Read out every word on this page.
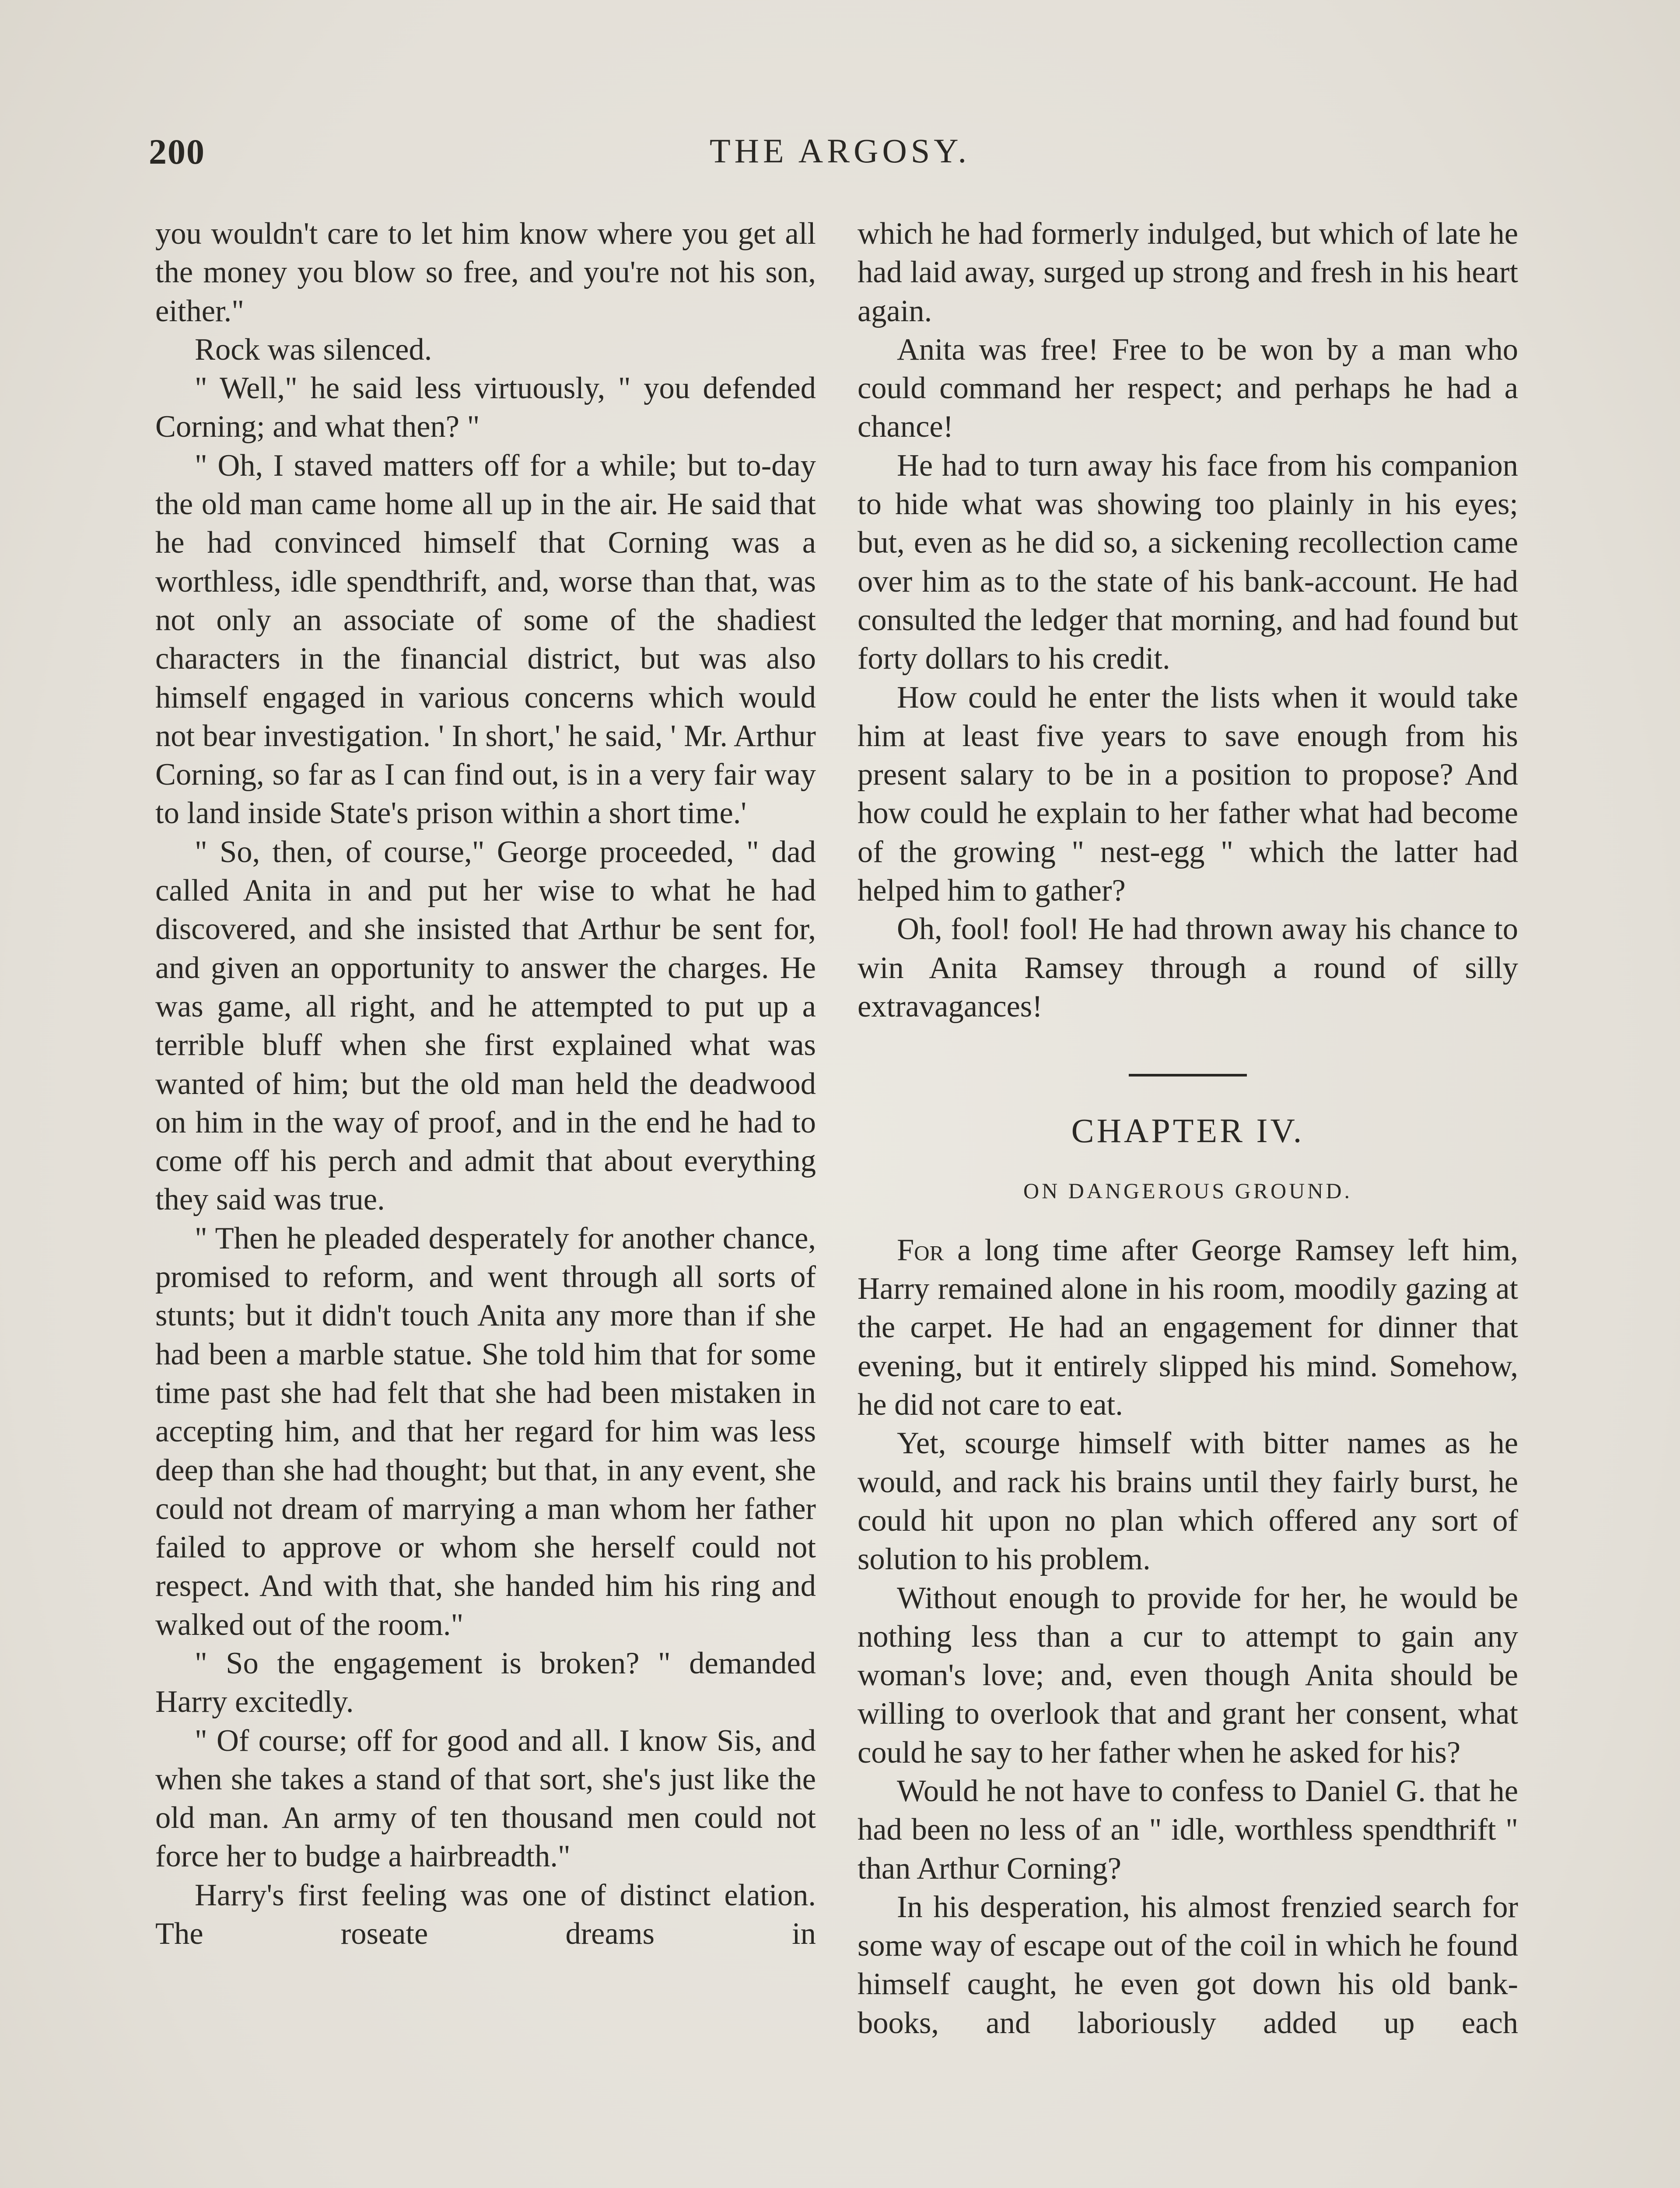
200	THE ARGOSY.

you wouldn't care to let him know where you get all the money you blow so free, and you're not his son, either."

Rock was silenced.

" Well," he said less virtuously, " you defended Corning; and what then? "

" Oh, I staved matters off for a while; but to-day the old man came home all up in the air. He said that he had convinced himself that Corning was a worthless, idle spendthrift, and, worse than that, was not only an associate of some of the shadiest characters in the financial district, but was also himself engaged in various concerns which would not bear investigation. ' In short,' he said, ' Mr. Arthur Corning, so far as I can find out, is in a very fair way to land inside State's prison within a short time.'

" So, then, of course," George proceeded, " dad called Anita in and put her wise to what he had discovered, and she insisted that Arthur be sent for, and given an opportunity to answer the charges. He was game, all right, and he attempted to put up a terrible bluff when she first explained what was wanted of him; but the old man held the deadwood on him in the way of proof, and in the end he had to come off his perch and admit that about everything they said was true.

" Then he pleaded desperately for another chance, promised to reform, and went through all sorts of stunts; but it didn't touch Anita any more than if she had been a marble statue. She told him that for some time past she had felt that she had been mistaken in accepting him, and that her regard for him was less deep than she had thought; but that, in any event, she could not dream of marrying a man whom her father failed to approve or whom she herself could not respect. And with that, she handed him his ring and walked out of the room."

" So the engagement is broken? " demanded Harry excitedly.

" Of course; off for good and all. I know Sis, and when she takes a stand of that sort, she's just like the old man. An army of ten thousand men could not force her to budge a hairbreadth."

Harry's first feeling was one of distinct elation. The roseate dreams in

which he had formerly indulged, but which of late he had laid away, surged up strong and fresh in his heart again.

Anita was free! Free to be won by a man who could command her respect; and perhaps he had a chance!

He had to turn away his face from his companion to hide what was showing too plainly in his eyes; but, even as he did so, a sickening recollection came over him as to the state of his bank-account. He had consulted the ledger that morning, and had found but forty dollars to his credit.

How could he enter the lists when it would take him at least five years to save enough from his present salary to be in a position to propose? And how could he explain to her father what had become of the growing " nest-egg " which the latter had helped him to gather?

Oh, fool! fool! He had thrown away his chance to win Anita Ramsey through a round of silly extravagances!

CHAPTER IV.
ON DANGEROUS GROUND.

For a long time after George Ramsey left him, Harry remained alone in his room, moodily gazing at the carpet. He had an engagement for dinner that evening, but it entirely slipped his mind. Somehow, he did not care to eat.

Yet, scourge himself with bitter names as he would, and rack his brains until they fairly burst, he could hit upon no plan which offered any sort of solution to his problem.

Without enough to provide for her, he would be nothing less than a cur to attempt to gain any woman's love; and, even though Anita should be willing to overlook that and grant her consent, what could he say to her father when he asked for his?

Would he not have to confess to Daniel G. that he had been no less of an " idle, worthless spendthrift " than Arthur Corning?

In his desperation, his almost frenzied search for some way of escape out of the coil in which he found himself caught, he even got down his old bank-books, and laboriously added up each
